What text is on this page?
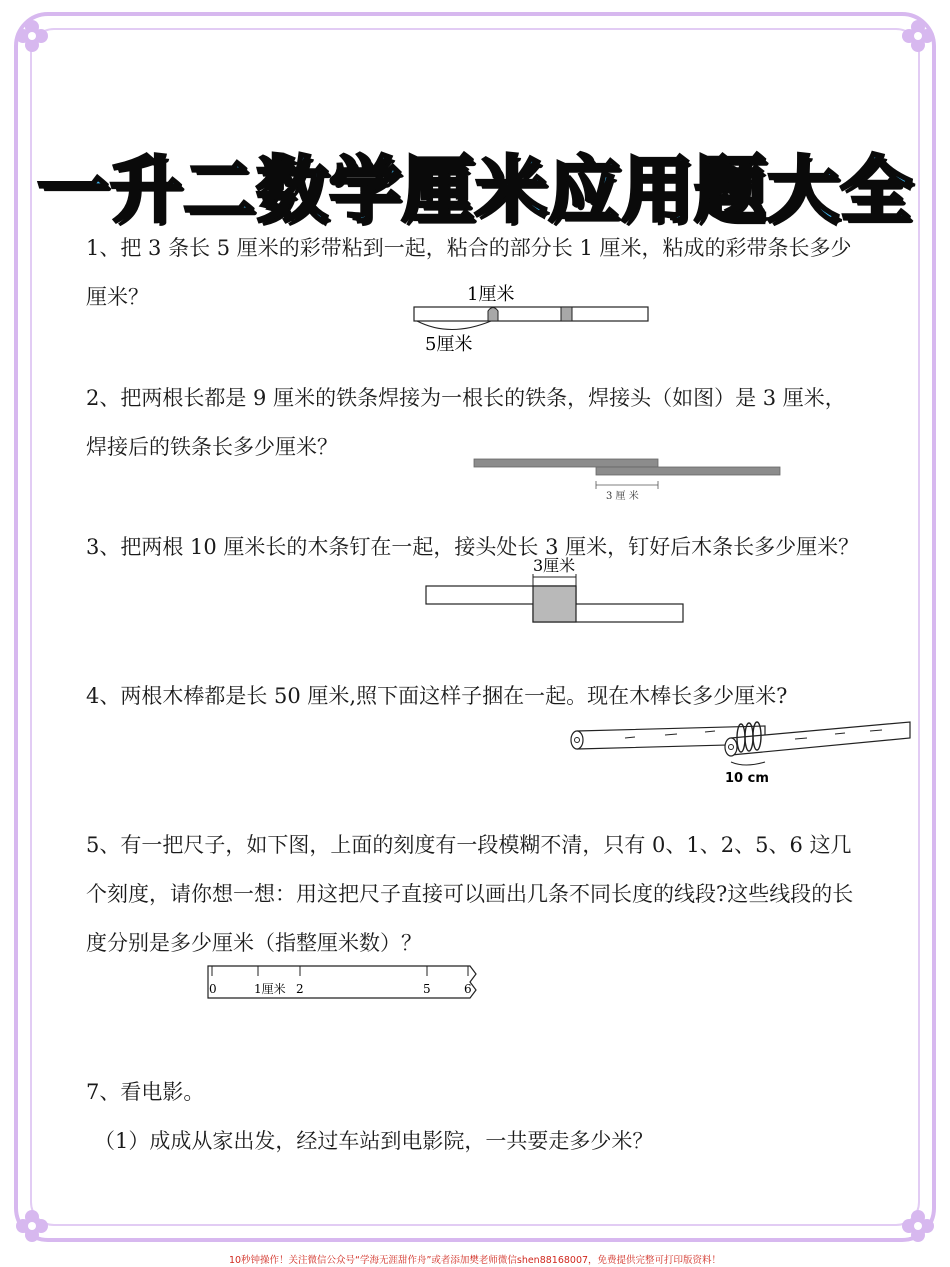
一升二数学厘米应用题大全
1、把 3 条长 5 厘米的彩带粘到一起，粘合的部分长 1 厘米，粘成的彩带条长多少厘米？	1厘米
5厘米
2、把两根长都是 9 厘米的铁条焊接为一根长的铁条，焊接头（如图）是 3 厘米，焊接后的铁条长多少厘米？
3 厘 米
3、把两根 10 厘米长的木条钉在一起，接头处长 3 厘米，钉好后木条长多少厘米？
3厘米
4、两根木棒都是长 50 厘米,照下面这样子捆在一起。现在木棒长多少厘米?
10 cm
5、有一把尺子，如下图，上面的刻度有一段模糊不清，只有 0、1、2、5、6 这几个刻度，请你想一想：用这把尺子直接可以画出几条不同长度的线段?这些线段的长度分别是多少厘米（指整厘米数）？
0	1厘米 2	5	6
7、看电影。
（1）成成从家出发，经过车站到电影院，一共要走多少米？
10秒钟操作！关注微信公众号“学海无涯甜作舟”或者添加樊老师微信shen88168007，免费提供完整可打印版资料！
